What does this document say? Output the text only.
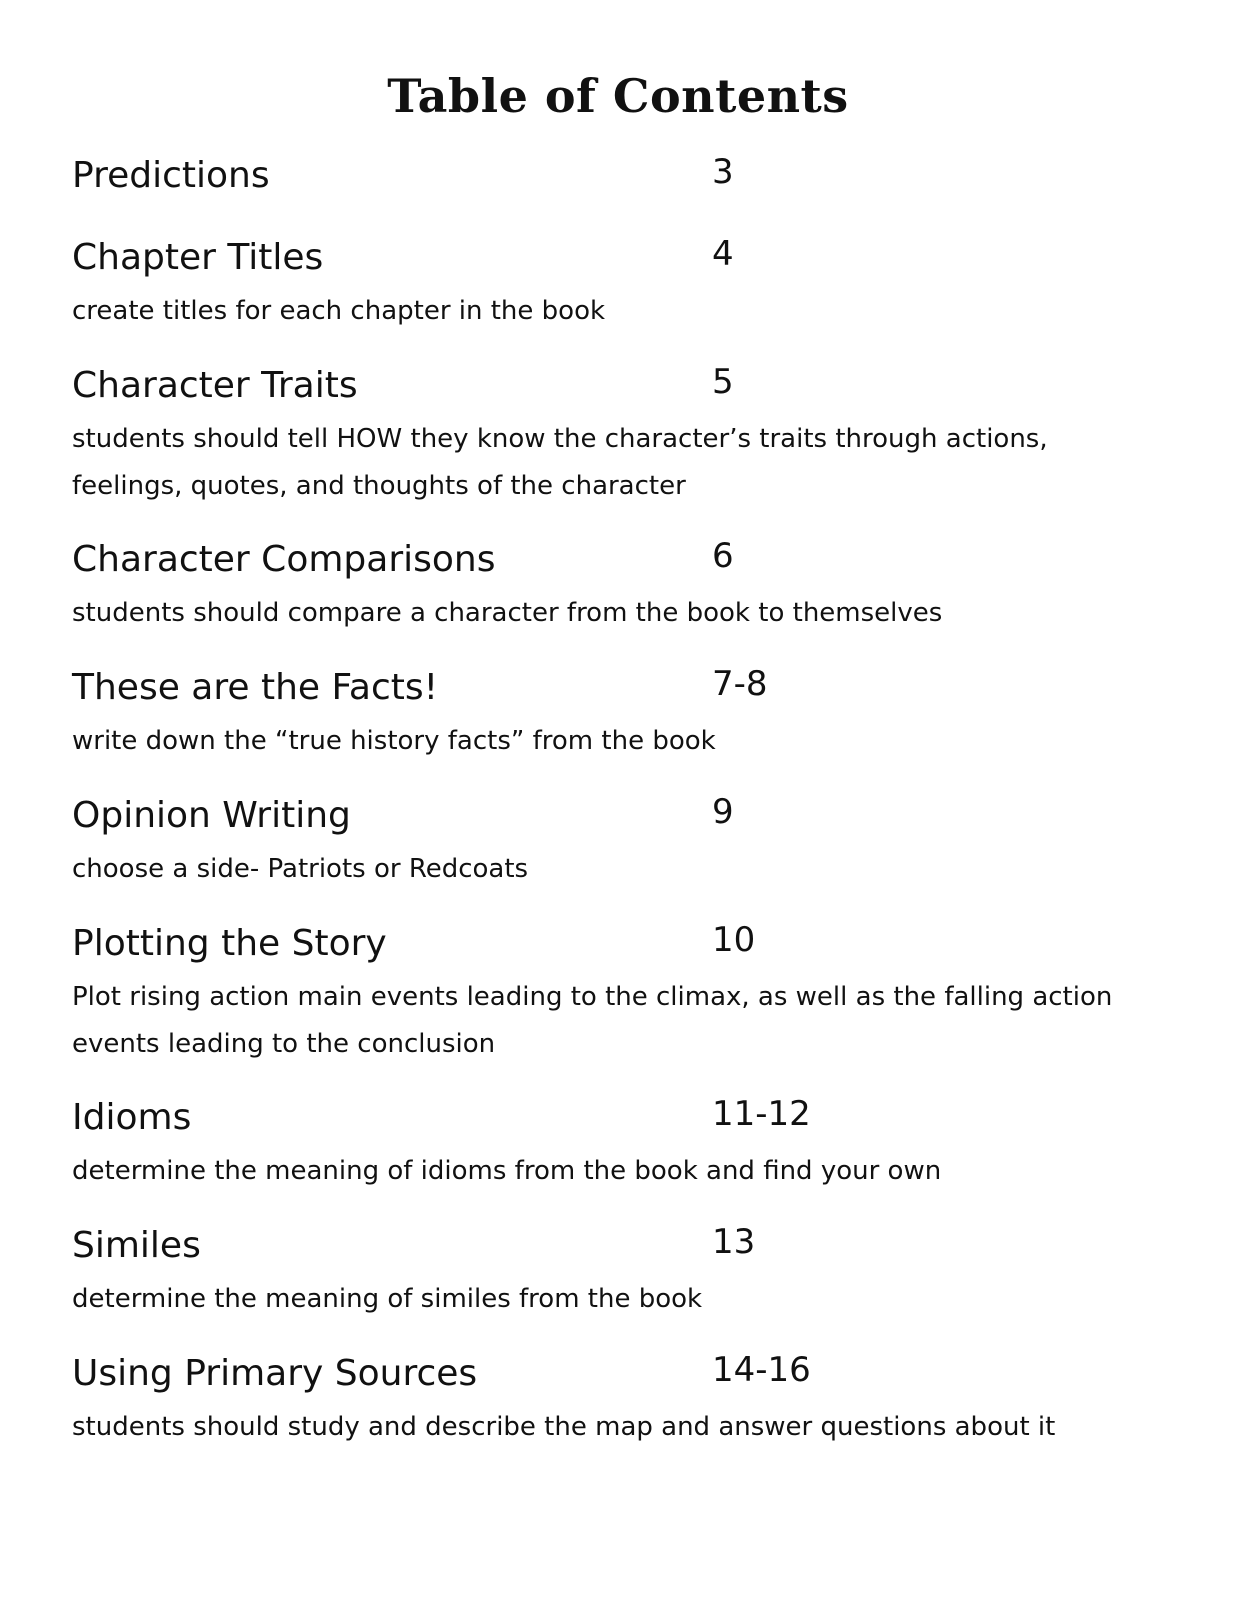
Table of Contents
Predictions	3
Chapter Titles	4
create titles for each chapter in the book
Character Traits	5
students should tell HOW they know the character’s traits through actions, feelings, quotes, and thoughts of the character
Character Comparisons	6
students should compare a character from the book to themselves
These are the Facts!	7-8
write down the “true history facts” from the book
Opinion Writing	9
choose a side- Patriots or Redcoats
Plotting the Story	10
Plot rising action main events leading to the climax, as well as the falling action events leading to the conclusion
Idioms	11-12
determine the meaning of idioms from the book and find your own
Similes	13
determine the meaning of similes from the book
Using Primary Sources	14-16
students should study and describe the map and answer questions about it
